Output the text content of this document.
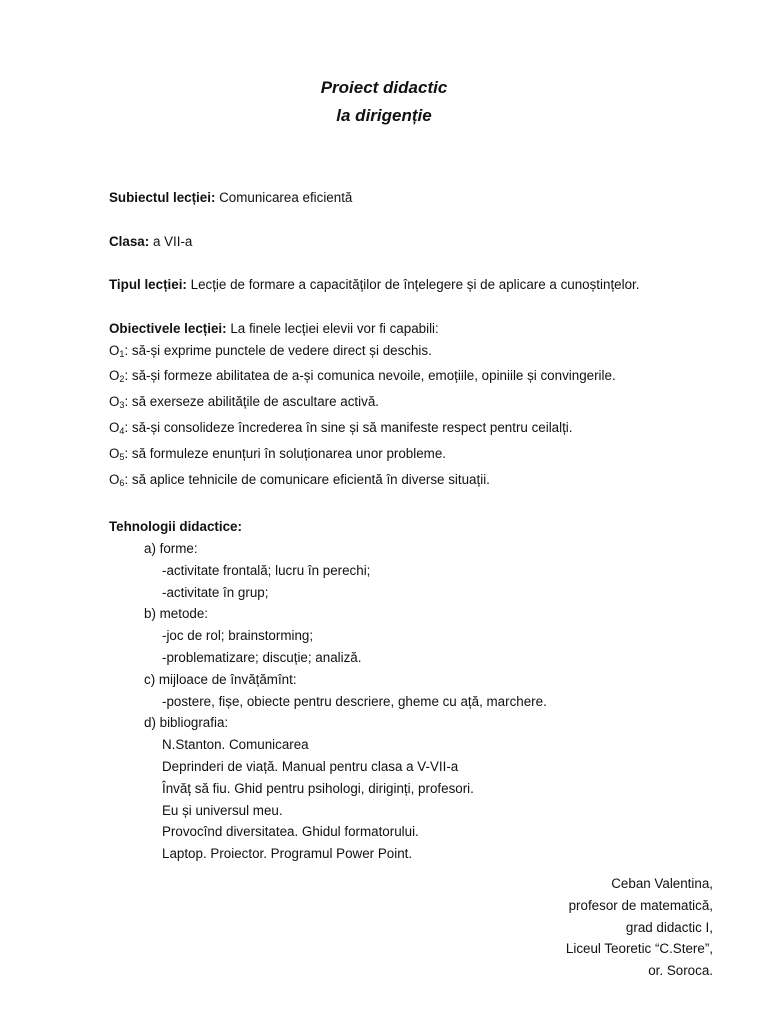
Proiect didactic
la dirigenție
Subiectul lecției: Comunicarea eficientă
Clasa: a VII-a
Tipul lecției: Lecție de formare a capacităților de înțelegere și de aplicare a cunoștințelor.
Obiectivele lecției: La finele lecției elevii vor fi capabili:
$O_1$: să-și exprime punctele de vedere direct și deschis.
$O_2$: să-și formeze abilitatea de a-și comunica nevoile, emoțiile, opiniile și convingerile.
$O_3$: să exerseze abilitățile de ascultare activă.
$O_4$: să-și consolideze încrederea în sine și să manifeste respect pentru ceilalți.
$O_5$: să formuleze enunțuri în soluționarea unor probleme.
$O_6$: să aplice tehnicile de comunicare eficientă în diverse situații.
Tehnologii didactice:
a) forme:
-activitate frontală; lucru în perechi;
-activitate în grup;
b) metode:
-joc de rol; brainstorming;
-problematizare; discuție; analiză.
c) mijloace de învățămînt:
-postere, fișe, obiecte pentru descriere, gheme cu ață, marchere.
d) bibliografia:
N.Stanton. Comunicarea
Deprinderi de viață. Manual pentru clasa a V-VII-a
Învăț să fiu. Ghid pentru psihologi, diriginți, profesori.
Eu și universul meu.
Provocînd diversitatea. Ghidul formatorului.
Laptop. Proiector. Programul Power Point.
Ceban Valentina,
profesor de matematică,
grad didactic I,
Liceul Teoretic “C.Stere”,
or. Soroca.
